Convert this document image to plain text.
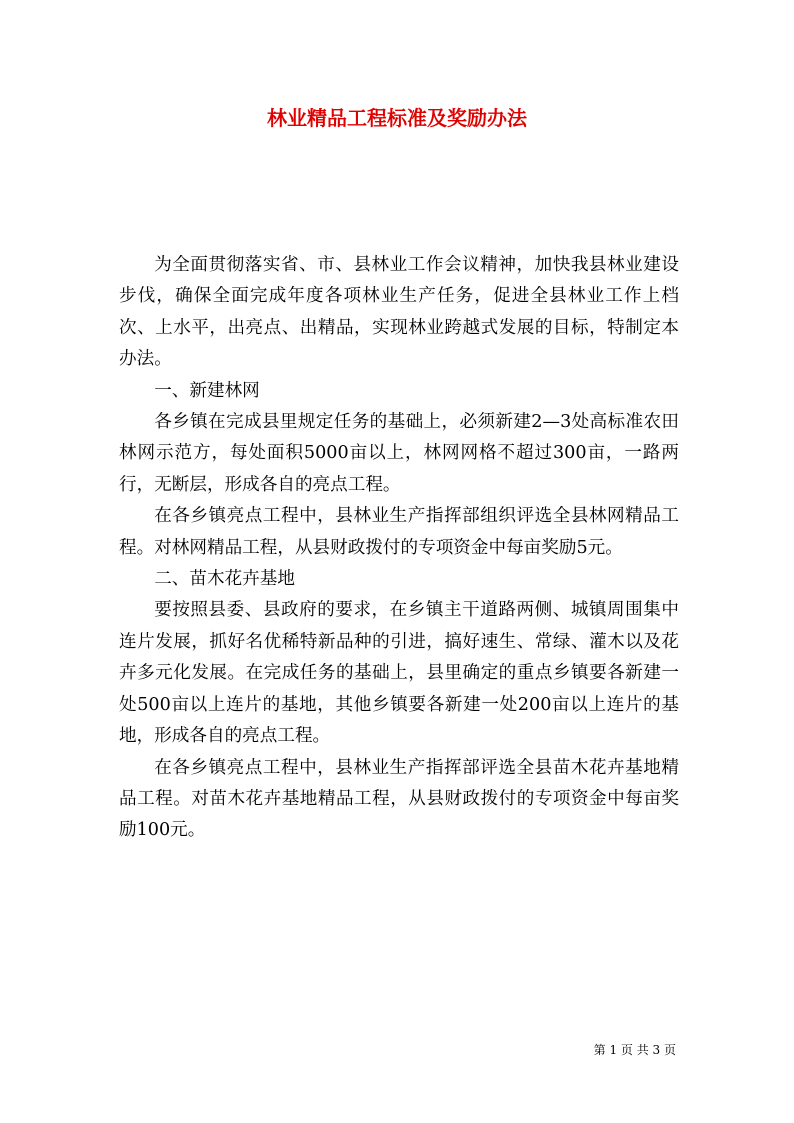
林业精品工程标准及奖励办法

为全面贯彻落实省、市、县林业工作会议精神，加快我县林业建设步伐，确保全面完成年度各项林业生产任务，促进全县林业工作上档次、上水平，出亮点、出精品，实现林业跨越式发展的目标，特制定本办法。

一、新建林网

各乡镇在完成县里规定任务的基础上，必须新建2—3处高标准农田林网示范方，每处面积5000亩以上，林网网格不超过300亩，一路两行，无断层，形成各自的亮点工程。

在各乡镇亮点工程中，县林业生产指挥部组织评选全县林网精品工程。对林网精品工程，从县财政拨付的专项资金中每亩奖励5元。

二、苗木花卉基地

要按照县委、县政府的要求，在乡镇主干道路两侧、城镇周围集中连片发展，抓好名优稀特新品种的引进，搞好速生、常绿、灌木以及花卉多元化发展。在完成任务的基础上，县里确定的重点乡镇要各新建一处500亩以上连片的基地，其他乡镇要各新建一处200亩以上连片的基地，形成各自的亮点工程。

在各乡镇亮点工程中，县林业生产指挥部评选全县苗木花卉基地精品工程。对苗木花卉基地精品工程，从县财政拨付的专项资金中每亩奖励100元。

第 1 页 共 3 页
